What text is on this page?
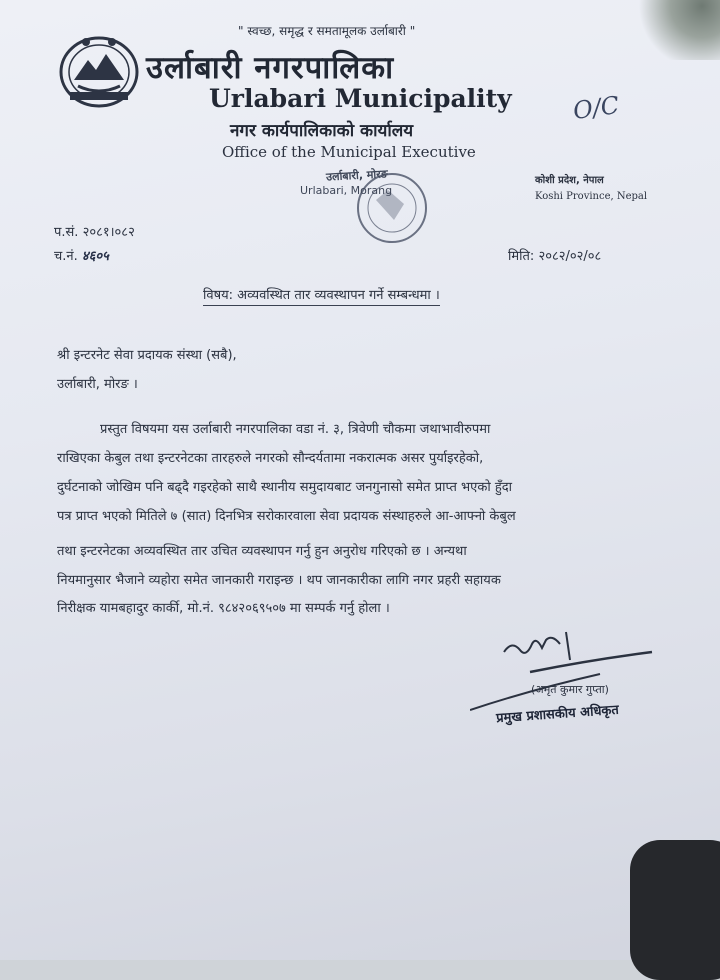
" स्वच्छ, समृद्ध र समतामूलक उर्लाबारी "
उर्लाबारी नगरपालिका
Urlabari Municipality
नगर कार्यपालिकाको कार्यालय
Office of the Municipal Executive
O/C
उर्लाबारी, मोरङ
Urlabari, Morang
कोशी प्रदेश, नेपाल
Koshi Province, Nepal
प.सं. २०८१।०८२
च.नं. ४६०५	मिति: २०८२/०२/०८
विषय: अव्यवस्थित तार व्यवस्थापन गर्ने सम्बन्धमा ।
श्री इन्टरनेट सेवा प्रदायक संस्था (सबै),
उर्लाबारी, मोरङ ।
प्रस्तुत विषयमा यस उर्लाबारी नगरपालिका वडा नं. ३, त्रिवेणी चौकमा जथाभावीरुपमा
राखिएका केबुल तथा इन्टरनेटका तारहरुले नगरको सौन्दर्यतामा नकरात्मक असर पुर्याइरहेको,
दुर्घटनाको जोखिम पनि बढ्दै गइरहेको साथै स्थानीय समुदायबाट जनगुनासो समेत प्राप्त भएको हुँदा
पत्र प्राप्त भएको मितिले ७ (सात) दिनभित्र सरोकारवाला सेवा प्रदायक संस्थाहरुले आ-आफ्नो केबुल
तथा इन्टरनेटका अव्यवस्थित तार उचित व्यवस्थापन गर्नु हुन अनुरोध गरिएको छ । अन्यथा
नियमानुसार भैजाने व्यहोरा समेत जानकारी गराइन्छ । थप जानकारीका लागि नगर प्रहरी सहायक
निरीक्षक यामबहादुर कार्की, मो.नं. ९८४२०६९५०७ मा सम्पर्क गर्नु होला ।
(अमृत कुमार गुप्ता)
प्रमुख प्रशासकीय अधिकृत
